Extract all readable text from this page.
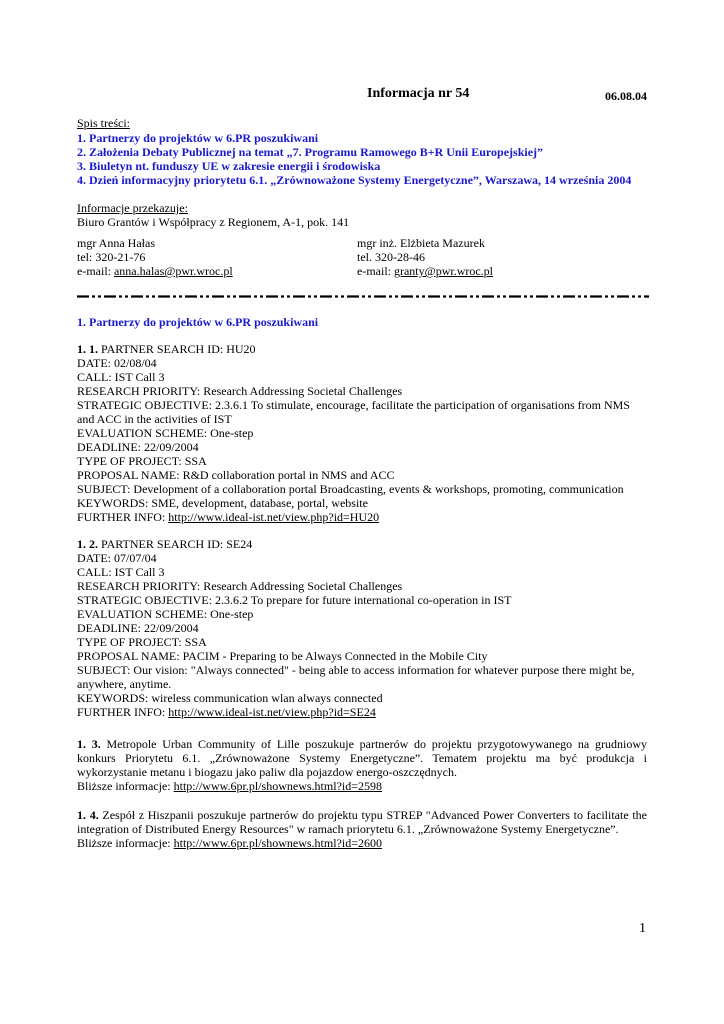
Informacja nr 54	06.08.04
Spis treści:
1. Partnerzy do projektów w 6.PR poszukiwani
2. Założenia Debaty Publicznej na temat „7. Programu Ramowego B+R Unii Europejskiej”
3. Biuletyn nt. funduszy UE w zakresie energii i środowiska
4. Dzień informacyjny priorytetu 6.1. „Zrównoważone Systemy Energetyczne”, Warszawa, 14 września 2004
Informacje przekazuje:
Biuro Grantów i Współpracy z Regionem, A-1, pok. 141
mgr Anna Hałas
tel: 320-21-76
e-mail: anna.halas@pwr.wroc.pl
mgr inż. Elżbieta Mazurek
tel. 320-28-46
e-mail: granty@pwr.wroc.pl
1. Partnerzy do projektów w 6.PR poszukiwani
1. 1. PARTNER SEARCH ID: HU20
DATE: 02/08/04
CALL: IST Call 3
RESEARCH PRIORITY: Research Addressing Societal Challenges
STRATEGIC OBJECTIVE: 2.3.6.1 To stimulate, encourage, facilitate the participation of organisations from NMS
and ACC in the activities of IST
EVALUATION SCHEME: One-step
DEADLINE: 22/09/2004
TYPE OF PROJECT: SSA
PROPOSAL NAME: R&D collaboration portal in NMS and ACC
SUBJECT: Development of a collaboration portal Broadcasting, events & workshops, promoting, communication
KEYWORDS: SME, development, database, portal, website
FURTHER INFO: http://www.ideal-ist.net/view.php?id=HU20
1. 2. PARTNER SEARCH ID: SE24
DATE: 07/07/04
CALL: IST Call 3
RESEARCH PRIORITY: Research Addressing Societal Challenges
STRATEGIC OBJECTIVE: 2.3.6.2 To prepare for future international co-operation in IST
EVALUATION SCHEME: One-step
DEADLINE: 22/09/2004
TYPE OF PROJECT: SSA
PROPOSAL NAME: PACIM - Preparing to be Always Connected in the Mobile City
SUBJECT: Our vision: "Always connected" - being able to access information for whatever purpose there might be,
anywhere, anytime.
KEYWORDS: wireless communication wlan always connected
FURTHER INFO: http://www.ideal-ist.net/view.php?id=SE24
1. 3. Metropole Urban Community of Lille poszukuje partnerów do projektu przygotowywanego na grudniowy konkurs Priorytetu 6.1. „Zrównoważone Systemy Energetyczne”. Tematem projektu ma być produkcja i wykorzystanie metanu i biogazu jako paliw dla pojazdow energo-oszczędnych.
Bliższe informacje: http://www.6pr.pl/shownews.html?id=2598
1. 4. Zespół z Hiszpanii poszukuje partnerów do projektu typu STREP "Advanced Power Converters to facilitate the integration of Distributed Energy Resources" w ramach priorytetu 6.1. „Zrównoważone Systemy Energetyczne”.
Bliższe informacje: http://www.6pr.pl/shownews.html?id=2600
1
